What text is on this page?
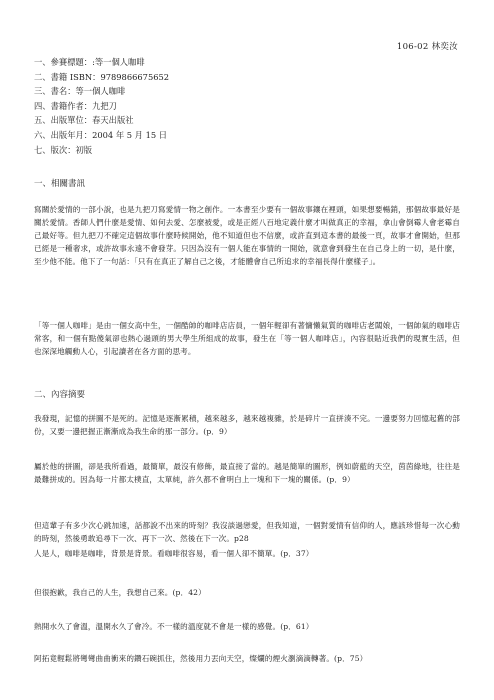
106-02 林奕汝
一、參賽標題：:等一個人咖啡
二、書籍 ISBN：9789866675652
三、書名：等一個人咖啡
四、書籍作者：九把刀
五、出版單位：春天出版社
六、出版年月：2004 年 5 月 15 日
七、版次：初版
一、相關書訊
寫關於愛情的一部小說，也是九把刀寫愛情一物之創作。一本書至少要有一個故事鑲在裡頭，如果想要暢銷，那個故事最好是關於愛情。香師人們什麼是愛情、如何去愛、怎麼被愛，或是正經八百地定義什麼才叫做真正的幸福，拿山會倒霉人會老霉自己最好等。但九把刀不確定這個故事什麼時候開始，他不知道但也不信麼，或許直到這本書的最後一頁，故事才會開始，但那已經是一種奢求，或許故事永遠不會發芽。只因為沒有一個人能在事情的一開始，就意會到發生在自己身上的一切，是什麼，至少他不能。他下了一句話：「只有在真正了解自己之後，才能體會自己所追求的幸福長得什麼樣子」。
「等一個人咖啡」是由一個女高中生，一個酷帥的咖啡店店員，一個年輕卻有著慵懶氣質的咖啡店老闆娘，一個帥氣的咖啡店常客，和一個有點傻氣卻也熱心過頭的男大學生所組成的故事，發生在「等一個人咖啡店」，內容很貼近我們的現實生活，但也深深地觸動人心，引起讀者在各方面的思考。
二、內容摘要
我發現，記憶的拼圖不是死的。記憶是逐漸累積，越來越多，越來越複雜，於是碎片一直拼湊不完。一邊要努力回憶起舊的部份，又要一邊把握正漸漸成為我生命的那一部分。(p．9）
屬於他的拼圖，卻是我所看過，最簡單，最沒有修飾，最直接了當的。越是簡單的圖形，例如蔚藍的天空，茵茵綠地，往往是最難拼成的。因為每一片都太樸直，太單純，許久都不會明白上一塊和下一塊的關係。(p．9）
但這輩子有多少次心跳加速，話都說不出來的時刻？我沒談過戀愛，但我知道，一個對愛情有信仰的人，應該珍惜每一次心動的時刻，然後勇敢追尋下一次、再下一次、然後在下一次。p28
人是人，咖啡是咖啡，背景是背景。看咖啡很容易，看一個人卻不簡單。(p．37）
但很抱歉，我自己的人生，我想自己來。(p．42）
熱開水久了會溫，溫開水久了會冷。不一樣的溫度就不會是一樣的感覺。(p．61）
阿拓竟輕鬆將彎彎曲曲衝來的鑽石碗抓住，然後用力丟向天空，燦爛的煙火瀏滴滴轉著。(p．75）
